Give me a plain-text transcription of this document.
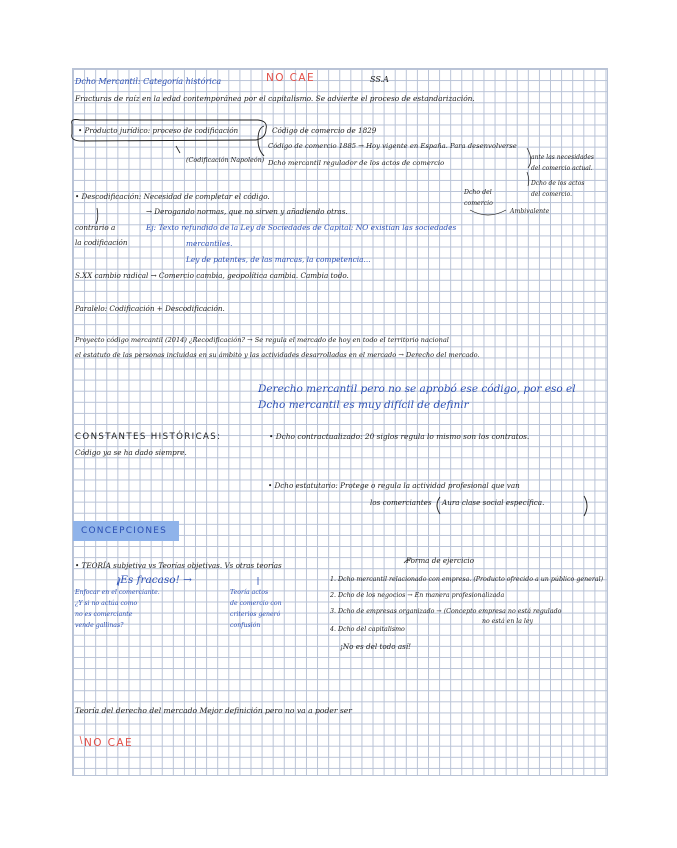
Dcho Mercantil: Categoría histórica	NO CAE	SS.A
Fracturas de raíz en la edad contemporánea por el capitalismo. Se advierte el proceso de estandarización.
• Producto jurídico: proceso de codificación	Código de comercio de 1829
Código de comercio 1885 → Hoy vigente en España. Para desenvolverse
ante las necesidades
del comercio actual.
(Codificación Napoleón) Dcho mercantil regulador de los actos de comercio
Dcho de los actos
del comercio.
• Descodificación: Necesidad de completar el código.
→ Derogando normas, que no sirven y añadiendo otras.
Dcho del
comercio
Ambivalente
contrario a
la codificación
Ej: Texto refundido de la Ley de Sociedades de Capital: NO existían las sociedades
mercantiles.
Ley de patentes, de las marcas, la competencia...
S.XX cambio radical → Comercio cambia, geopolítica cambia. Cambia todo.
Paralelo: Codificación + Descodificación.
Proyecto código mercantil (2014) ¿Recodificación? → Se regula el mercado de hoy en todo el territorio nacional
el estatuto de las personas incluidas en su ámbito y las actividades desarrolladas en el mercado → Derecho del mercado.
Derecho mercantil pero no se aprobó ese código, por eso el
Dcho mercantil es muy difícil de definir
CONSTANTES HISTÓRICAS:	• Dcho contractualizado: 20 siglos regula lo mismo son los contratos.
Código ya se ha dado siempre.
• Dcho estatutario: Protege o regula la actividad profesional que van
los comerciantes Aura clase social específica.
CONCEPCIONES
• TEORÍA subjetiva vs Teorías objetivas. Vs otras teorías
Forma de ejercicio
¡Es fracaso! →
Enfocar en el comerciante.
¿Y si no actúa como
no es comerciante
vende gallinas?
Teoría actos
de comercio con
criterios generó
confusión
1. Dcho mercantil relacionado con empresa. (Producto ofrecido a un público general)
2. Dcho de los negocios → En manera profesionalizada
3. Dcho de empresas organizado → (Concepto empresa no está regulado
no está en la ley
4. Dcho del capitalismo
¡No es del todo así!
Teoría del derecho del mercado Mejor definición pero no va a poder ser
NO CAE
